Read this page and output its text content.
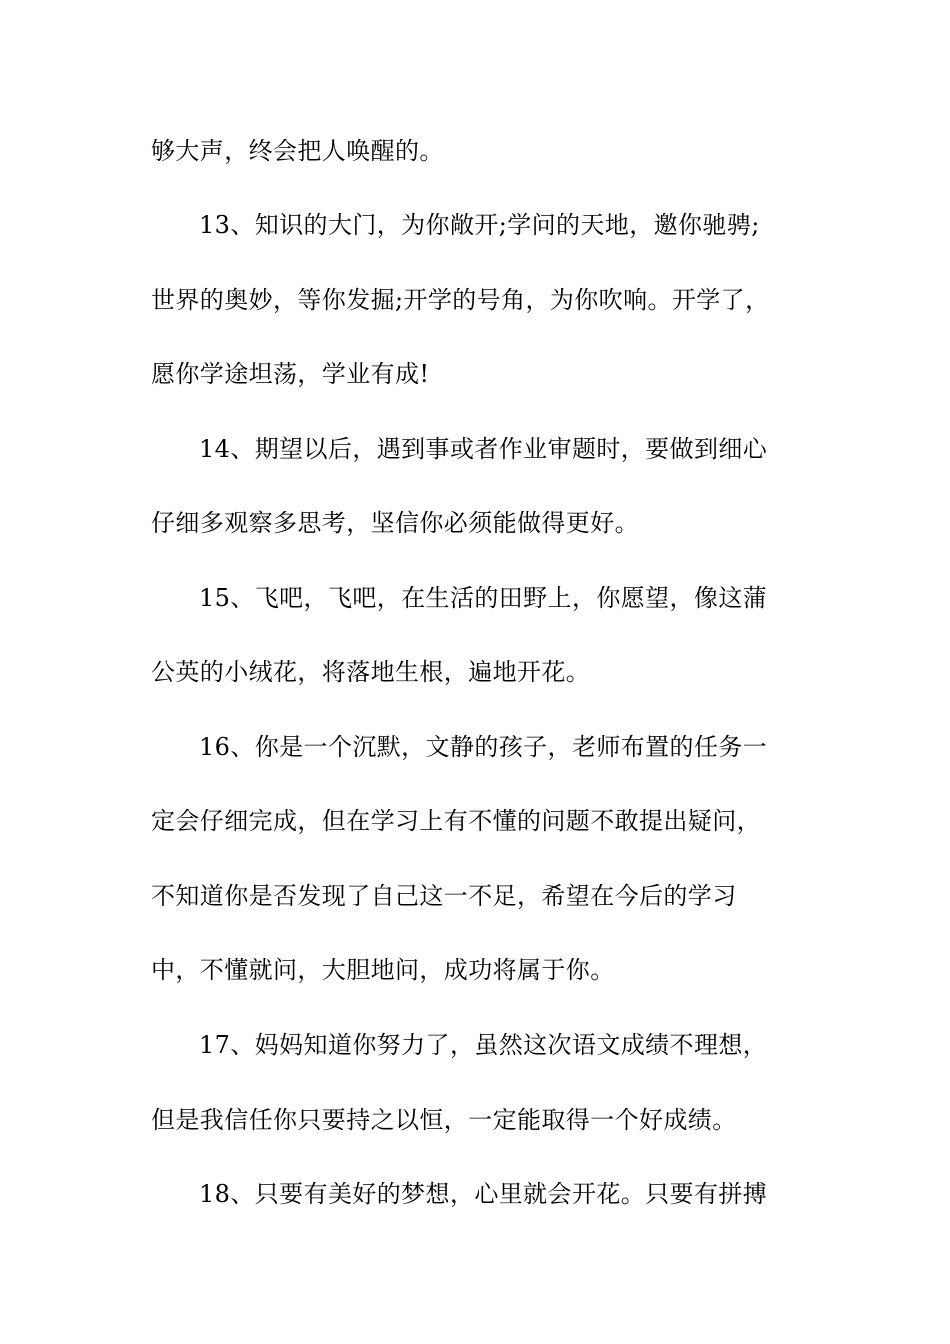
够大声，终会把人唤醒的。
13、知识的大门，为你敞开;学问的天地，邀你驰骋;
世界的奥妙，等你发掘;开学的号角，为你吹响。开学了，
愿你学途坦荡，学业有成!
14、期望以后，遇到事或者作业审题时，要做到细心
仔细多观察多思考，坚信你必须能做得更好。
15、飞吧，飞吧，在生活的田野上，你愿望，像这蒲
公英的小绒花，将落地生根，遍地开花。
16、你是一个沉默，文静的孩子，老师布置的任务一
定会仔细完成，但在学习上有不懂的问题不敢提出疑问，
不知道你是否发现了自己这一不足，希望在今后的学习
中，不懂就问，大胆地问，成功将属于你。
17、妈妈知道你努力了，虽然这次语文成绩不理想，
但是我信任你只要持之以恒，一定能取得一个好成绩。
18、只要有美好的梦想，心里就会开花。只要有拼搏
